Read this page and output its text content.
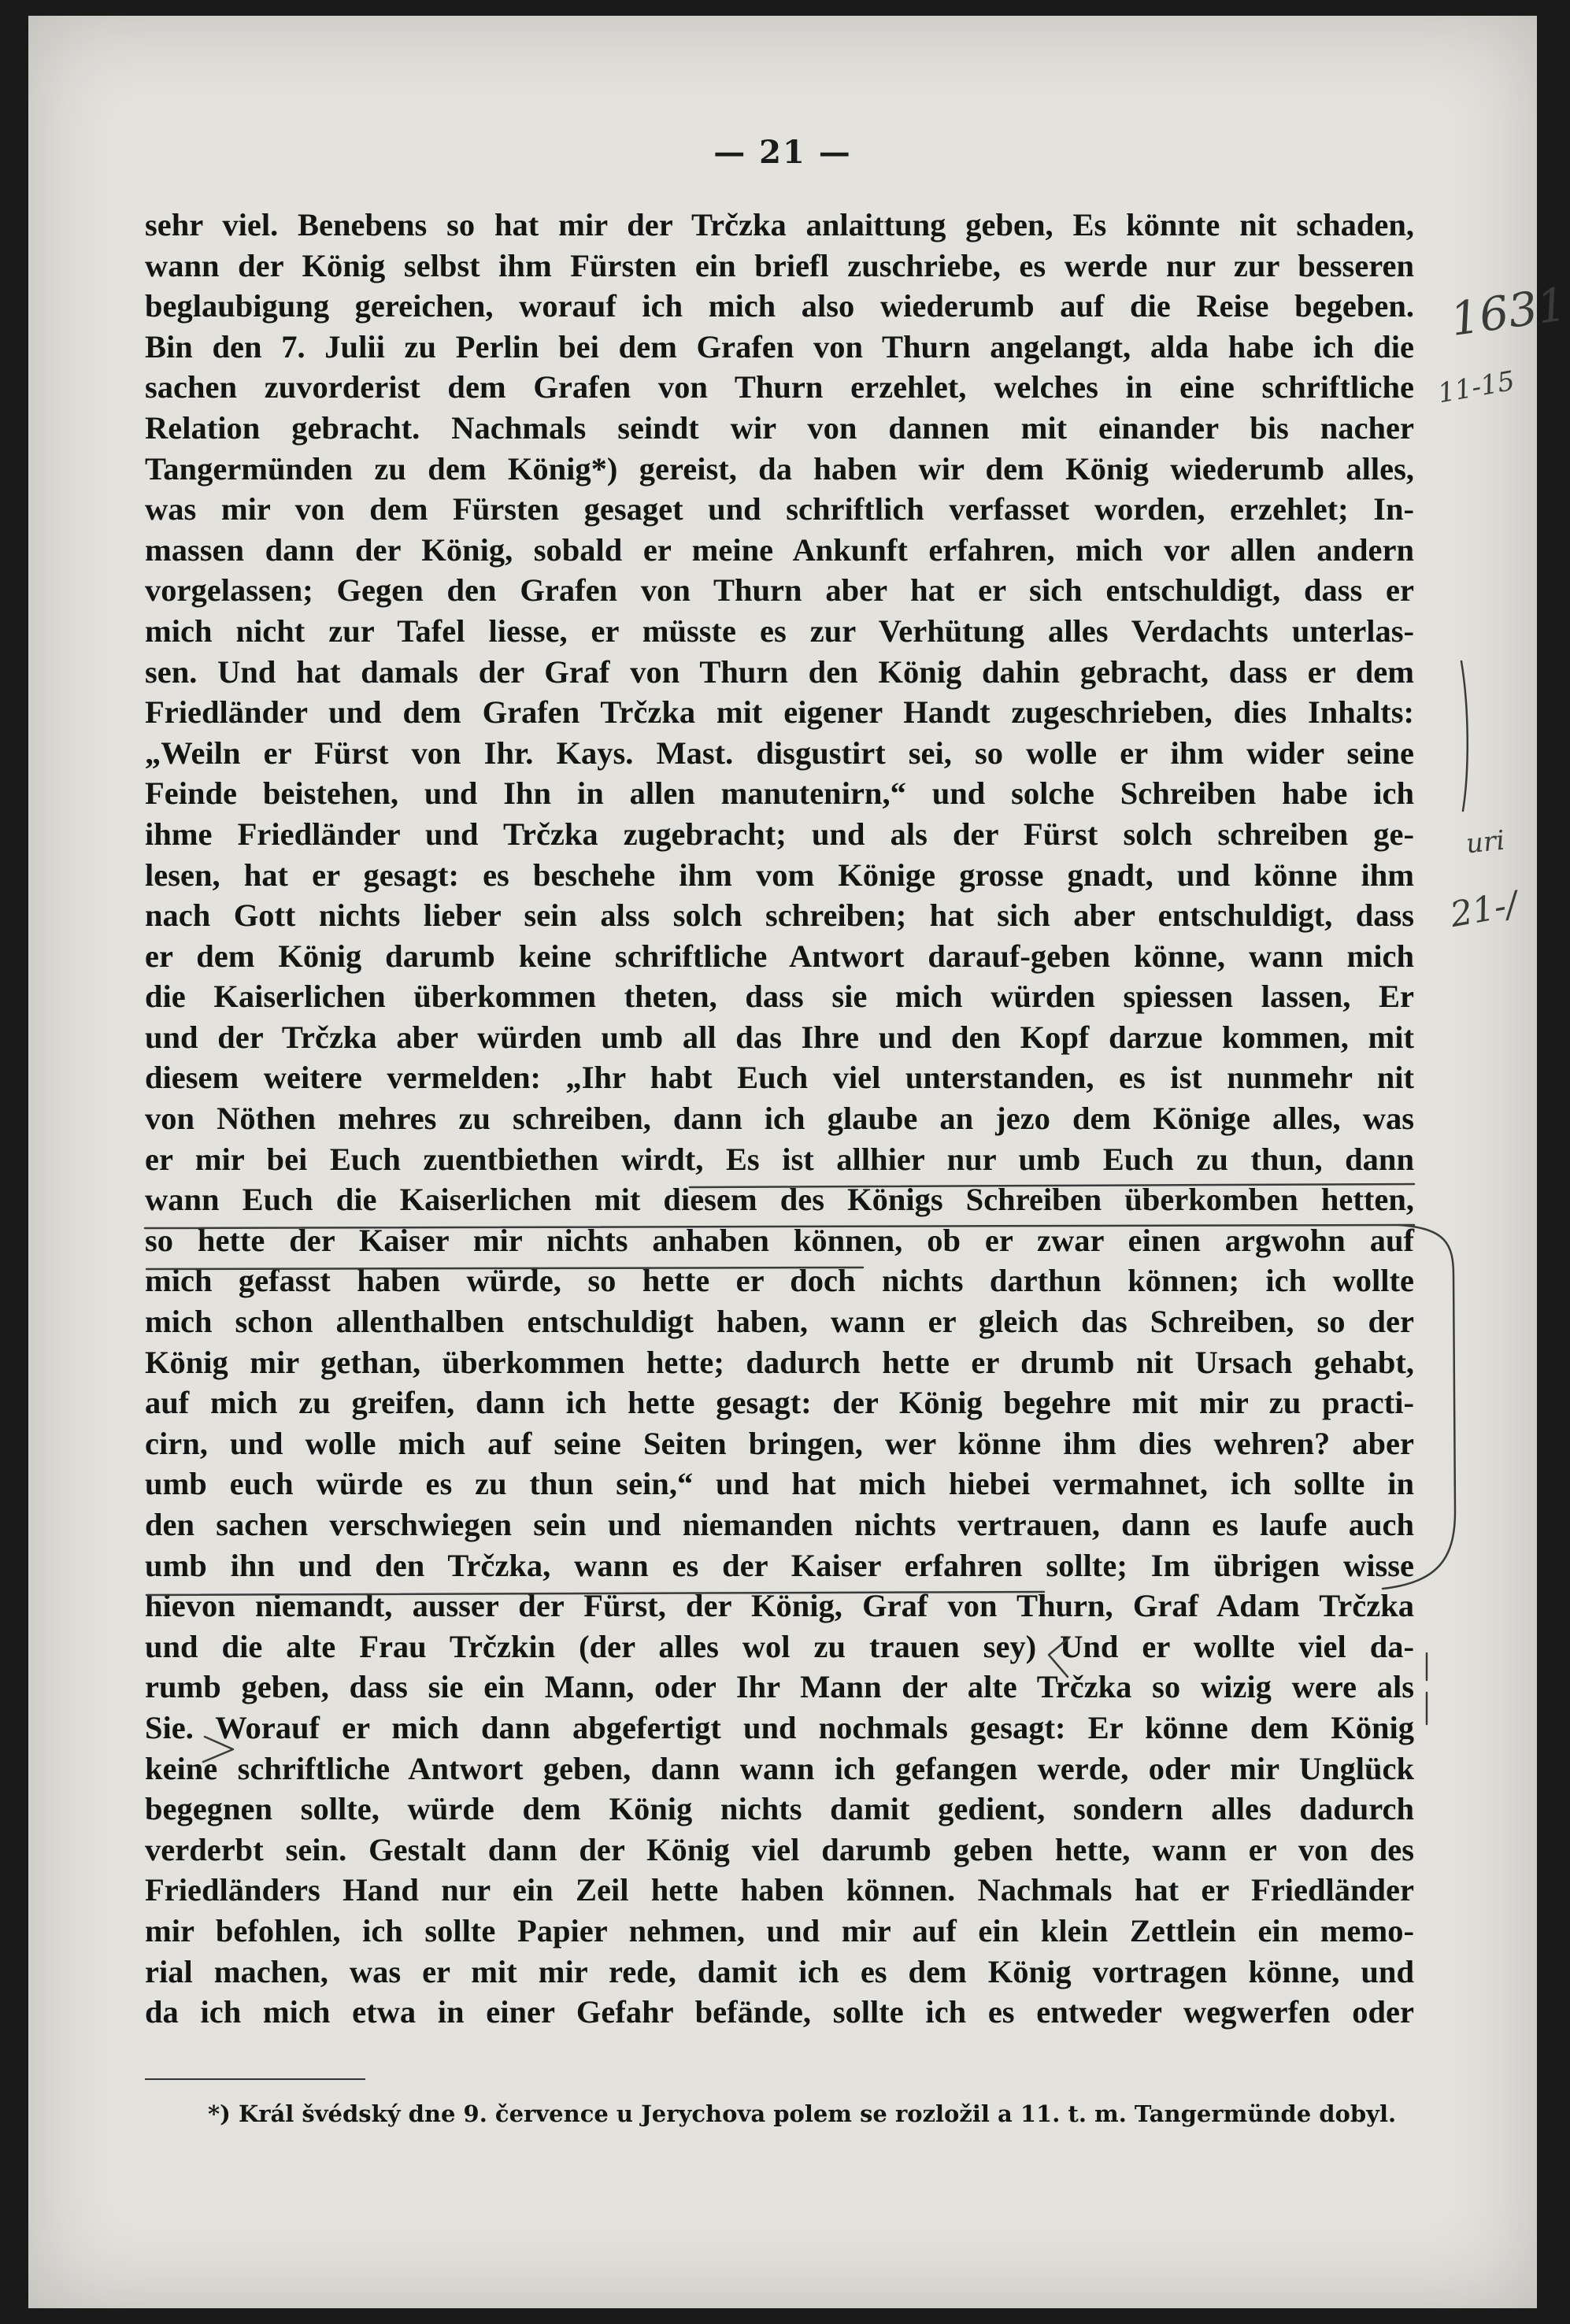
— 21 —
sehr viel. Benebens so hat mir der Trčzka anlaittung geben, Es könnte nit schaden,
wann der König selbst ihm Fürsten ein briefl zuschriebe, es werde nur zur besseren
beglaubigung gereichen, worauf ich mich also wiederumb auf die Reise begeben.
Bin den 7. Julii zu Perlin bei dem Grafen von Thurn angelangt, alda habe ich die
sachen zuvorderist dem Grafen von Thurn erzehlet, welches in eine schriftliche
Relation gebracht. Nachmals seindt wir von dannen mit einander bis nacher
Tangermünden zu dem König*) gereist, da haben wir dem König wiederumb alles,
was mir von dem Fürsten gesaget und schriftlich verfasset worden, erzehlet; In-
massen dann der König, sobald er meine Ankunft erfahren, mich vor allen andern
vorgelassen; Gegen den Grafen von Thurn aber hat er sich entschuldigt, dass er
mich nicht zur Tafel liesse, er müsste es zur Verhütung alles Verdachts unterlas-
sen. Und hat damals der Graf von Thurn den König dahin gebracht, dass er dem
Friedländer und dem Grafen Trčzka mit eigener Handt zugeschrieben, dies Inhalts:
„Weiln er Fürst von Ihr. Kays. Mast. disgustirt sei, so wolle er ihm wider seine
Feinde beistehen, und Ihn in allen manutenirn,“ und solche Schreiben habe ich
ihme Friedländer und Trčzka zugebracht; und als der Fürst solch schreiben ge-
lesen, hat er gesagt: es beschehe ihm vom Könige grosse gnadt, und könne ihm
nach Gott nichts lieber sein alss solch schreiben; hat sich aber entschuldigt, dass
er dem König darumb keine schriftliche Antwort darauf-geben könne, wann mich
die Kaiserlichen überkommen theten, dass sie mich würden spiessen lassen, Er
und der Trčzka aber würden umb all das Ihre und den Kopf darzue kommen, mit
diesem weitere vermelden: „Ihr habt Euch viel unterstanden, es ist nunmehr nit
von Nöthen mehres zu schreiben, dann ich glaube an jezo dem Könige alles, was
er mir bei Euch zuentbiethen wirdt, Es ist allhier nur umb Euch zu thun, dann
wann Euch die Kaiserlichen mit diesem des Königs Schreiben überkomben hetten,
so hette der Kaiser mir nichts anhaben können, ob er zwar einen argwohn auf
mich gefasst haben würde, so hette er doch nichts darthun können; ich wollte
mich schon allenthalben entschuldigt haben, wann er gleich das Schreiben, so der
König mir gethan, überkommen hette; dadurch hette er drumb nit Ursach gehabt,
auf mich zu greifen, dann ich hette gesagt: der König begehre mit mir zu practi-
cirn, und wolle mich auf seine Seiten bringen, wer könne ihm dies wehren? aber
umb euch würde es zu thun sein,“ und hat mich hiebei vermahnet, ich sollte in
den sachen verschwiegen sein und niemanden nichts vertrauen, dann es laufe auch
umb ihn und den Trčzka, wann es der Kaiser erfahren sollte; Im übrigen wisse
hievon niemandt, ausser der Fürst, der König, Graf von Thurn, Graf Adam Trčzka
und die alte Frau Trčzkin (der alles wol zu trauen sey) Und er wollte viel da-
rumb geben, dass sie ein Mann, oder Ihr Mann der alte Trčzka so wizig were als
Sie. Worauf er mich dann abgefertigt und nochmals gesagt: Er könne dem König
keine schriftliche Antwort geben, dann wann ich gefangen werde, oder mir Unglück
begegnen sollte, würde dem König nichts damit gedient, sondern alles dadurch
verderbt sein. Gestalt dann der König viel darumb geben hette, wann er von des
Friedländers Hand nur ein Zeil hette haben können. Nachmals hat er Friedländer
mir befohlen, ich sollte Papier nehmen, und mir auf ein klein Zettlein ein memo-
rial machen, was er mit mir rede, damit ich es dem König vortragen könne, und
da ich mich etwa in einer Gefahr befände, sollte ich es entweder wegwerfen oder
1631
11-15
uri
21-/
*) Král švédský dne 9. července u Jerychova polem se rozložil a 11. t. m. Tangermünde dobyl.
